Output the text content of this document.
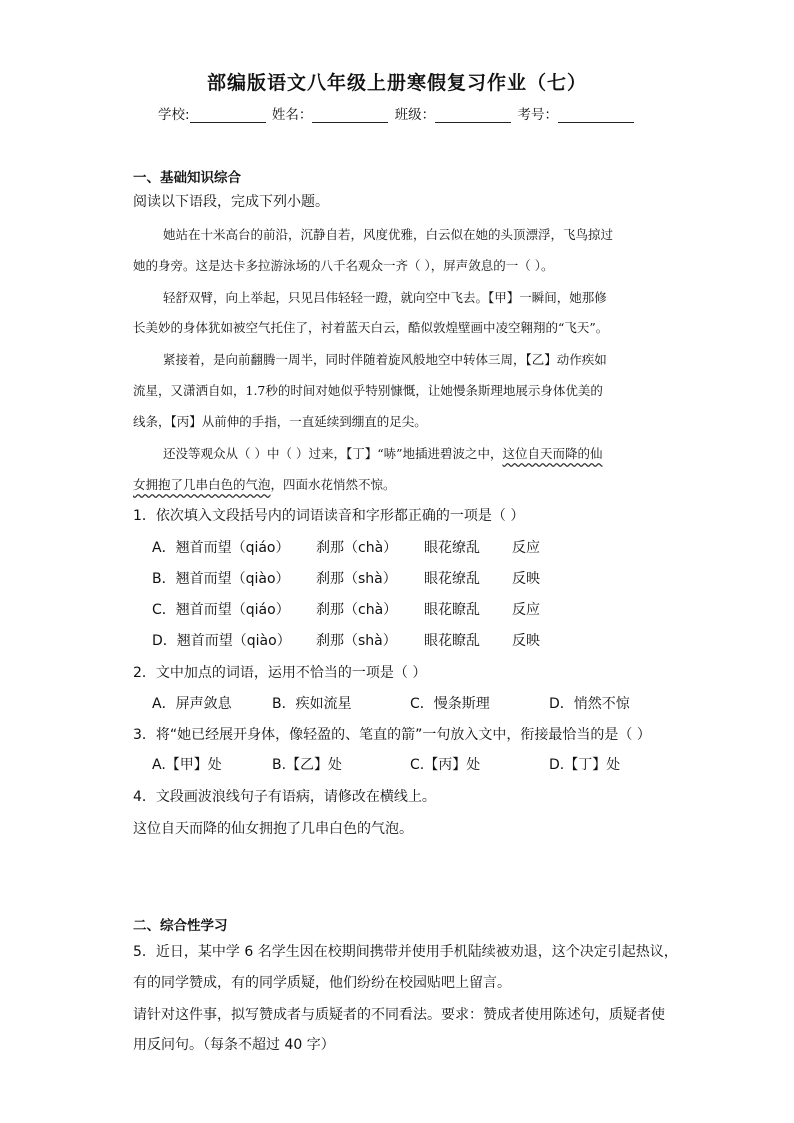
部编版语文八年级上册寒假复习作业（七）
学校:	姓名：	班级：	考号：
一、基础知识综合
阅读以下语段，完成下列小题。
她站在十米高台的前沿，沉静自若，风度优雅，白云似在她的头顶漂浮，飞鸟掠过
她的身旁。这是达卡多拉游泳场的八千名观众一齐（ ），屏声敛息的一（ ）。
轻舒双臂，向上举起，只见吕伟轻轻一蹬，就向空中飞去。【甲】一瞬间，她那修
长美妙的身体犹如被空气托住了，衬着蓝天白云，酷似敦煌壁画中凌空翱翔的“飞天”。
紧接着，是向前翻腾一周半，同时伴随着旋风般地空中转体三周，【乙】动作疾如
流星，又潇洒自如，1.7秒的时间对她似乎特别慷慨，让她慢条斯理地展示身体优美的
线条，【丙】从前伸的手指，一直延续到绷直的足尖。
还没等观众从（ ）中（ ）过来，【丁】“哧”地插进碧波之中，这位自天而降的仙
女拥抱了几串白色的气泡，四面水花悄然不惊。
1．依次填入文段括号内的词语读音和字形都正确的一项是（ ）
A．翘首而望（qiáo） 刹那（chà） 眼花缭乱 反应
B．翘首而望（qiào） 刹那（shà） 眼花缭乱 反映
C．翘首而望（qiáo） 刹那（chà） 眼花瞭乱 反应
D．翘首而望（qiào） 刹那（shà） 眼花瞭乱 反映
2．文中加点的词语，运用不恰当的一项是（ ）
A．屏声敛息	B．疾如流星	C．慢条斯理	D．悄然不惊
3．将“她已经展开身体，像轻盈的、笔直的箭”一句放入文中，衔接最恰当的是（ ）
A.【甲】处	B.【乙】处	C.【丙】处	D.【丁】处
4．文段画波浪线句子有语病，请修改在横线上。
这位自天而降的仙女拥抱了几串白色的气泡。
二、综合性学习
5．近日，某中学 6 名学生因在校期间携带并使用手机陆续被劝退，这个决定引起热议，
有的同学赞成，有的同学质疑，他们纷纷在校园贴吧上留言。
请针对这件事，拟写赞成者与质疑者的不同看法。要求：赞成者使用陈述句，质疑者使
用反问句。（每条不超过 40 字）
